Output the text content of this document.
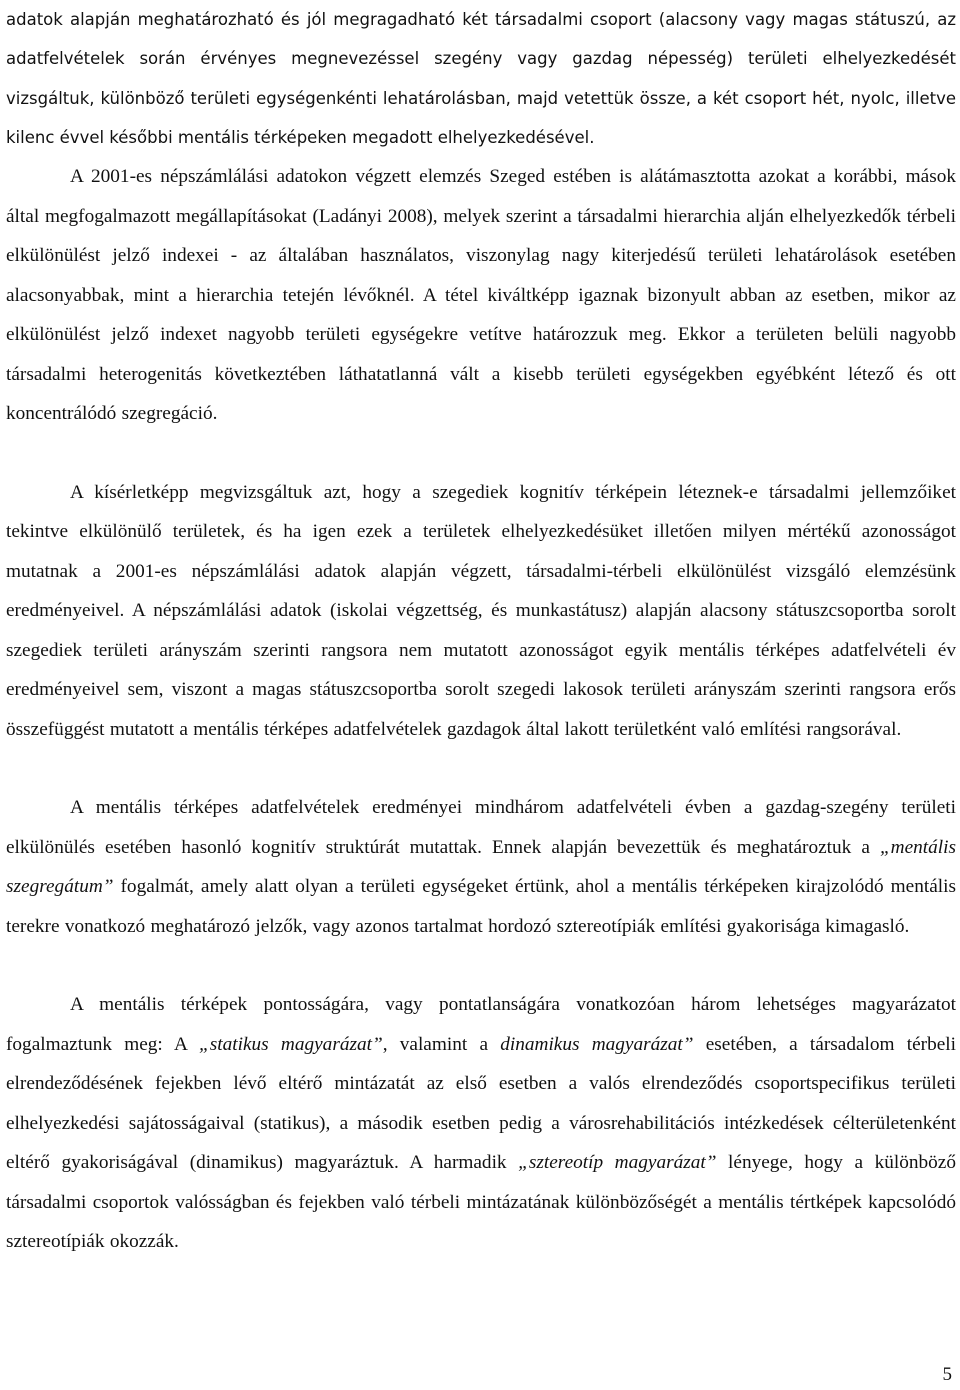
adatok alapján meghatározható és jól megragadható két társadalmi csoport (alacsony vagy magas státuszú, az adatfelvételek során érvényes megnevezéssel szegény vagy gazdag népesség) területi elhelyezkedését vizsgáltuk, különböző területi egységenkénti lehatárolásban, majd vetettük össze, a két csoport hét, nyolc, illetve kilenc évvel későbbi mentális térképeken megadott elhelyezkedésével.

A 2001-es népszámlálási adatokon végzett elemzés Szeged estében is alátámasztotta azokat a korábbi, mások által megfogalmazott megállapításokat (Ladányi 2008), melyek szerint a társadalmi hierarchia alján elhelyezkedők térbeli elkülönülést jelző indexei - az általában használatos, viszonylag nagy kiterjedésű területi lehatárolások esetében alacsonyabbak, mint a hierarchia tetején lévőknél. A tétel kiváltképp igaznak bizonyult abban az esetben, mikor az elkülönülést jelző indexet nagyobb területi egységekre vetítve határozzuk meg. Ekkor a területen belüli nagyobb társadalmi heterogenitás következtében láthatatlanná vált a kisebb területi egységekben egyébként létező és ott koncentrálódó szegregáció.

A kísérletképp megvizsgáltuk azt, hogy a szegediek kognitív térképein léteznek-e társadalmi jellemzőiket tekintve elkülönülő területek, és ha igen ezek a területek elhelyezkedésüket illetően milyen mértékű azonosságot mutatnak a 2001-es népszámlálási adatok alapján végzett, társadalmi-térbeli elkülönülést vizsgáló elemzésünk eredményeivel. A népszámlálási adatok (iskolai végzettség, és munkastátusz) alapján alacsony státuszcsoportba sorolt szegediek területi arányszám szerinti rangsora nem mutatott azonosságot egyik mentális térképes adatfelvételi év eredményeivel sem, viszont a magas státuszcsoportba sorolt szegedi lakosok területi arányszám szerinti rangsora erős összefüggést mutatott a mentális térképes adatfelvételek gazdagok által lakott területként való említési rangsorával.

A mentális térképes adatfelvételek eredményei mindhárom adatfelvételi évben a gazdag-szegény területi elkülönülés esetében hasonló kognitív struktúrát mutattak. Ennek alapján bevezettük és meghatároztuk a „mentális szegregátum” fogalmát, amely alatt olyan a területi egységeket értünk, ahol a mentális térképeken kirajzolódó mentális terekre vonatkozó meghatározó jelzők, vagy azonos tartalmat hordozó sztereotípiák említési gyakorisága kimagasló.

A mentális térképek pontosságára, vagy pontatlanságára vonatkozóan három lehetséges magyarázatot fogalmaztunk meg: A „statikus magyarázat”, valamint a dinamikus magyarázat” esetében, a társadalom térbeli elrendeződésének fejekben lévő eltérő mintázatát az első esetben a valós elrendeződés csoportspecifikus területi elhelyezkedési sajátosságaival (statikus), a második esetben pedig a városrehabilitációs intézkedések célterületenként eltérő gyakoriságával (dinamikus) magyaráztuk. A harmadik „sztereotíp magyarázat” lényege, hogy a különböző társadalmi csoportok valósságban és fejekben való térbeli mintázatának különbözőségét a mentális tértképek kapcsolódó sztereotípiák okozzák.

5
